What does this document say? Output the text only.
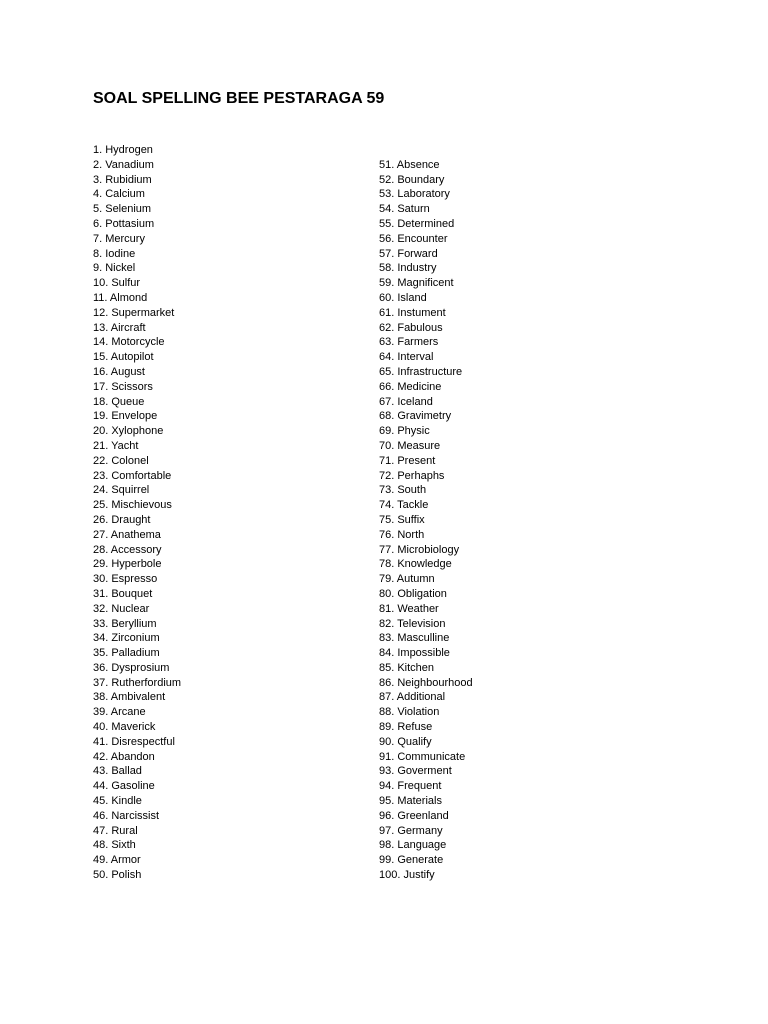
SOAL SPELLING BEE PESTARAGA 59
1. Hydrogen
2. Vanadium
3. Rubidium
4. Calcium
5. Selenium
6. Pottasium
7. Mercury
8. Iodine
9. Nickel
10. Sulfur
11. Almond
12. Supermarket
13. Aircraft
14. Motorcycle
15. Autopilot
16. August
17. Scissors
18. Queue
19. Envelope
20. Xylophone
21. Yacht
22. Colonel
23. Comfortable
24. Squirrel
25. Mischievous
26. Draught
27. Anathema
28. Accessory
29. Hyperbole
30. Espresso
31. Bouquet
32. Nuclear
33. Beryllium
34. Zirconium
35. Palladium
36. Dysprosium
37. Rutherfordium
38. Ambivalent
39. Arcane
40. Maverick
41. Disrespectful
42. Abandon
43. Ballad
44. Gasoline
45. Kindle
46. Narcissist
47. Rural
48. Sixth
49. Armor
50. Polish
51. Absence
52. Boundary
53. Laboratory
54. Saturn
55. Determined
56. Encounter
57. Forward
58. Industry
59. Magnificent
60. Island
61. Instument
62. Fabulous
63. Farmers
64. Interval
65. Infrastructure
66. Medicine
67. Iceland
68. Gravimetry
69. Physic
70. Measure
71. Present
72. Perhaphs
73. South
74. Tackle
75. Suffix
76. North
77. Microbiology
78. Knowledge
79. Autumn
80. Obligation
81. Weather
82. Television
83. Masculline
84. Impossible
85. Kitchen
86. Neighbourhood
87. Additional
88. Violation
89. Refuse
90. Qualify
91. Communicate
93. Goverment
94. Frequent
95. Materials
96. Greenland
97. Germany
98. Language
99. Generate
100. Justify
